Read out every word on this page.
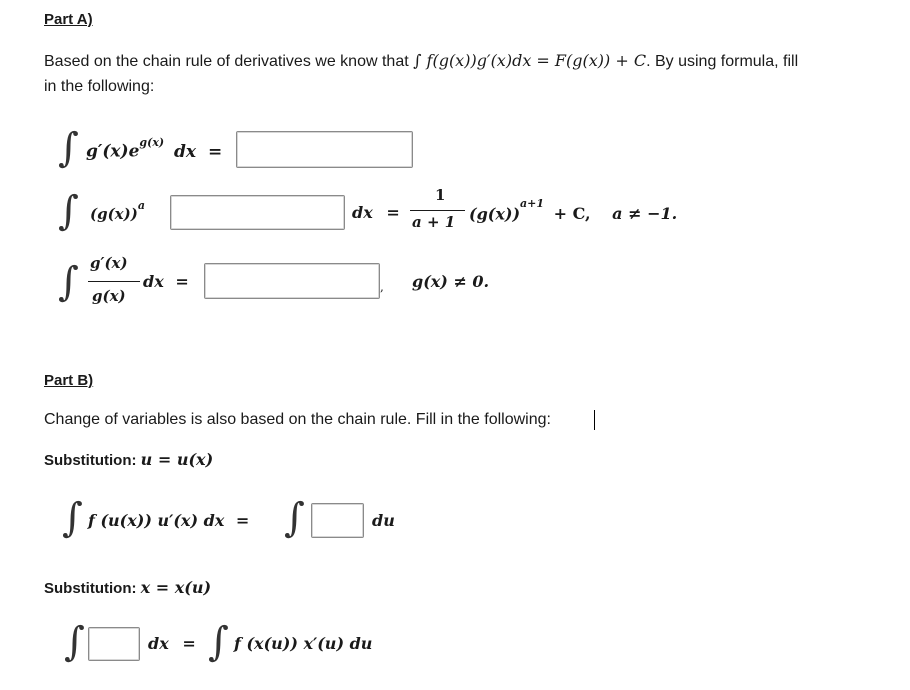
Part A)
Based on the chain rule of derivatives we know that ∫ f(g(x))g′(x)dx = F(g(x)) + C. By using formula, fill
in the following:
∫ $g'(x)e^{g(x)}$ dx =
∫ $(g(x))^a$	dx =
1
a + 1 $(g(x))^{a+1} + C$, a ≠ −1.
∫ g′(x)
g(x)
dx =	, g(x) ≠ 0.
Part B)
Change of variables is also based on the chain rule. Fill in the following:
Substitution: u = u(x)
∫ f (u(x)) u′(x) dx = ∫	du
Substitution: x = x(u)
∫	dx = ∫ f (x(u)) x′(u) du
